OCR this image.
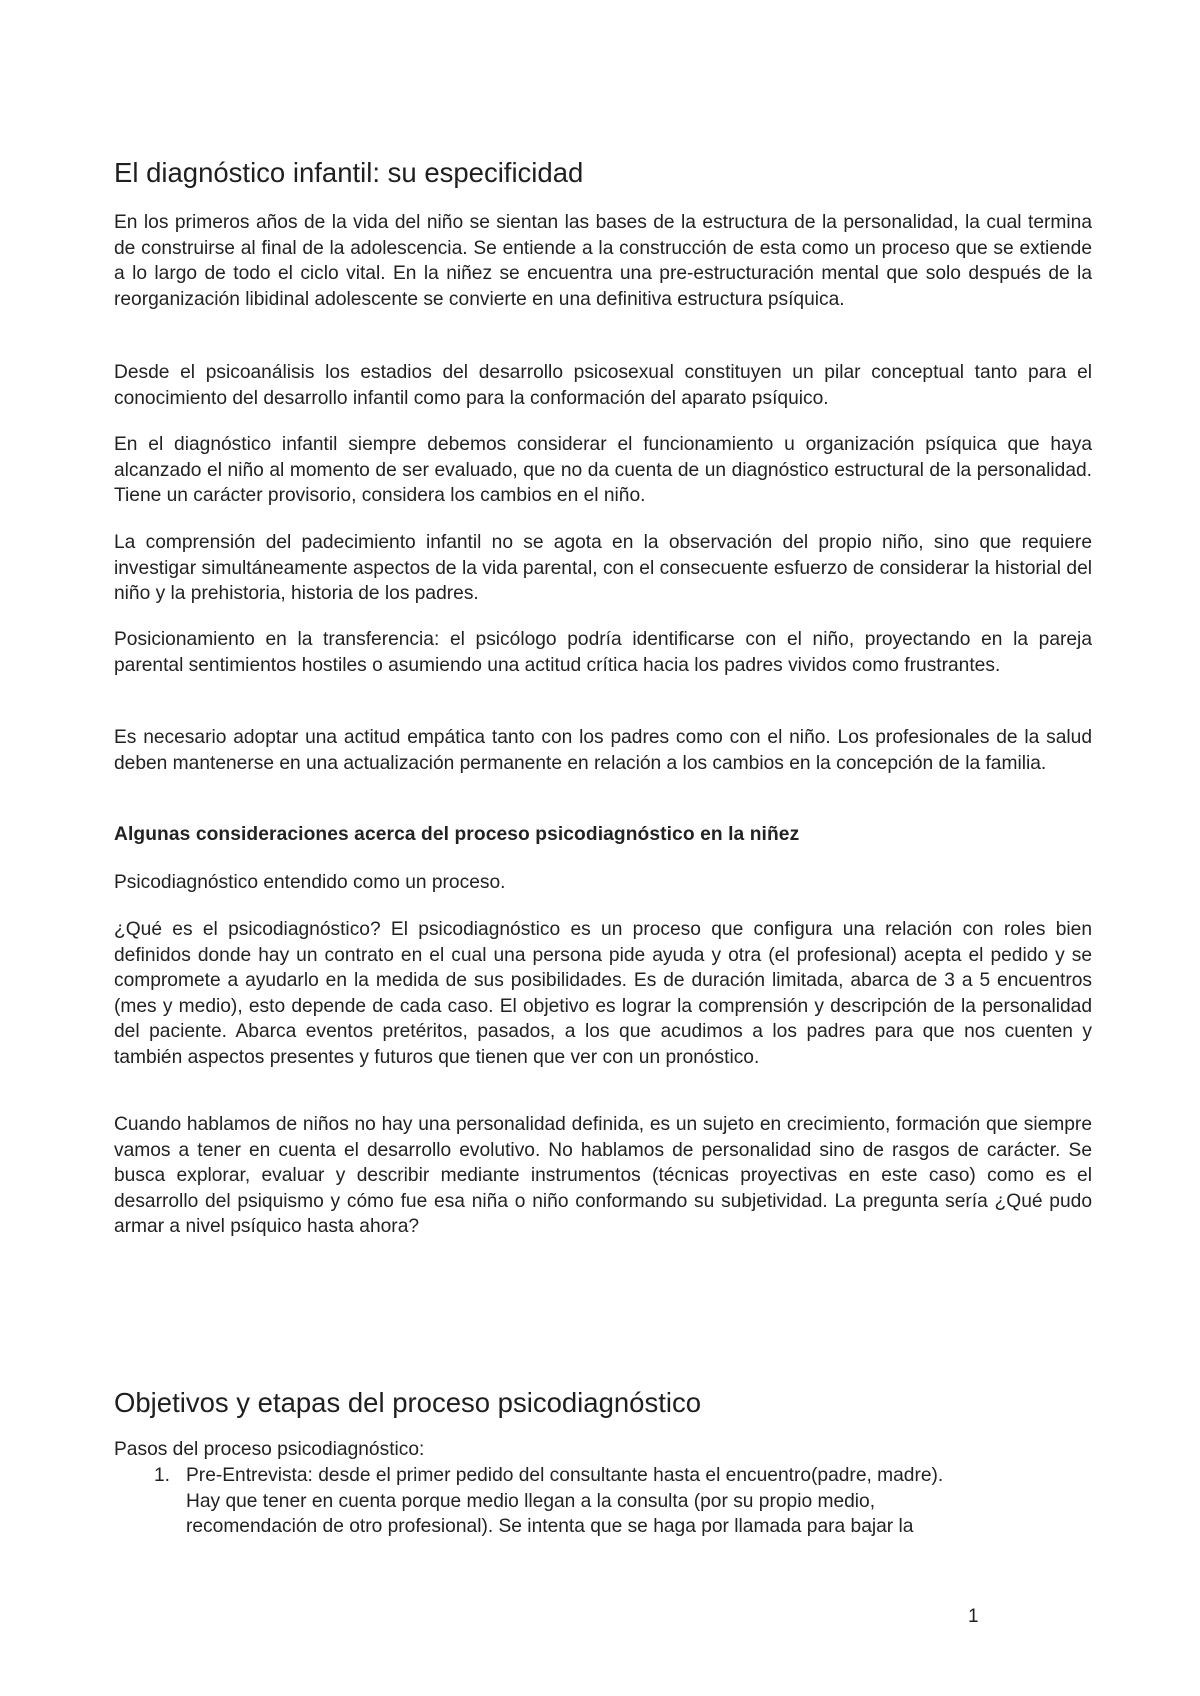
El diagnóstico infantil: su especificidad

En los primeros años de la vida del niño se sientan las bases de la estructura de la personalidad, la cual termina de construirse al final de la adolescencia. Se entiende a la construcción de esta como un proceso que se extiende a lo largo de todo el ciclo vital. En la niñez se encuentra una pre-estructuración mental que solo después de la reorganización libidinal adolescente se convierte en una definitiva estructura psíquica.

Desde el psicoanálisis los estadios del desarrollo psicosexual constituyen un pilar conceptual tanto para el conocimiento del desarrollo infantil como para la conformación del aparato psíquico.

En el diagnóstico infantil siempre debemos considerar el funcionamiento u organización psíquica que haya alcanzado el niño al momento de ser evaluado, que no da cuenta de un diagnóstico estructural de la personalidad. Tiene un carácter provisorio, considera los cambios en el niño.

La comprensión del padecimiento infantil no se agota en la observación del propio niño, sino que requiere investigar simultáneamente aspectos de la vida parental, con el consecuente esfuerzo de considerar la historial del niño y la prehistoria, historia de los padres.

Posicionamiento en la transferencia: el psicólogo podría identificarse con el niño, proyectando en la pareja parental sentimientos hostiles o asumiendo una actitud crítica hacia los padres vividos como frustrantes.

Es necesario adoptar una actitud empática tanto con los padres como con el niño. Los profesionales de la salud deben mantenerse en una actualización permanente en relación a los cambios en la concepción de la familia.

Algunas consideraciones acerca del proceso psicodiagnóstico en la niñez

Psicodiagnóstico entendido como un proceso.

¿Qué es el psicodiagnóstico? El psicodiagnóstico es un proceso que configura una relación con roles bien definidos donde hay un contrato en el cual una persona pide ayuda y otra (el profesional) acepta el pedido y se compromete a ayudarlo en la medida de sus posibilidades. Es de duración limitada, abarca de 3 a 5 encuentros (mes y medio), esto depende de cada caso. El objetivo es lograr la comprensión y descripción de la personalidad del paciente. Abarca eventos pretéritos, pasados, a los que acudimos a los padres para que nos cuenten y también aspectos presentes y futuros que tienen que ver con un pronóstico.

Cuando hablamos de niños no hay una personalidad definida, es un sujeto en crecimiento, formación que siempre vamos a tener en cuenta el desarrollo evolutivo. No hablamos de personalidad sino de rasgos de carácter. Se busca explorar, evaluar y describir mediante instrumentos (técnicas proyectivas en este caso) como es el desarrollo del psiquismo y cómo fue esa niña o niño conformando su subjetividad. La pregunta sería ¿Qué pudo armar a nivel psíquico hasta ahora?

Objetivos y etapas del proceso psicodiagnóstico

Pasos del proceso psicodiagnóstico:

1. Pre-Entrevista: desde el primer pedido del consultante hasta el encuentro(padre, madre).
Hay que tener en cuenta porque medio llegan a la consulta (por su propio medio,
recomendación de otro profesional). Se intenta que se haga por llamada para bajar la
1
